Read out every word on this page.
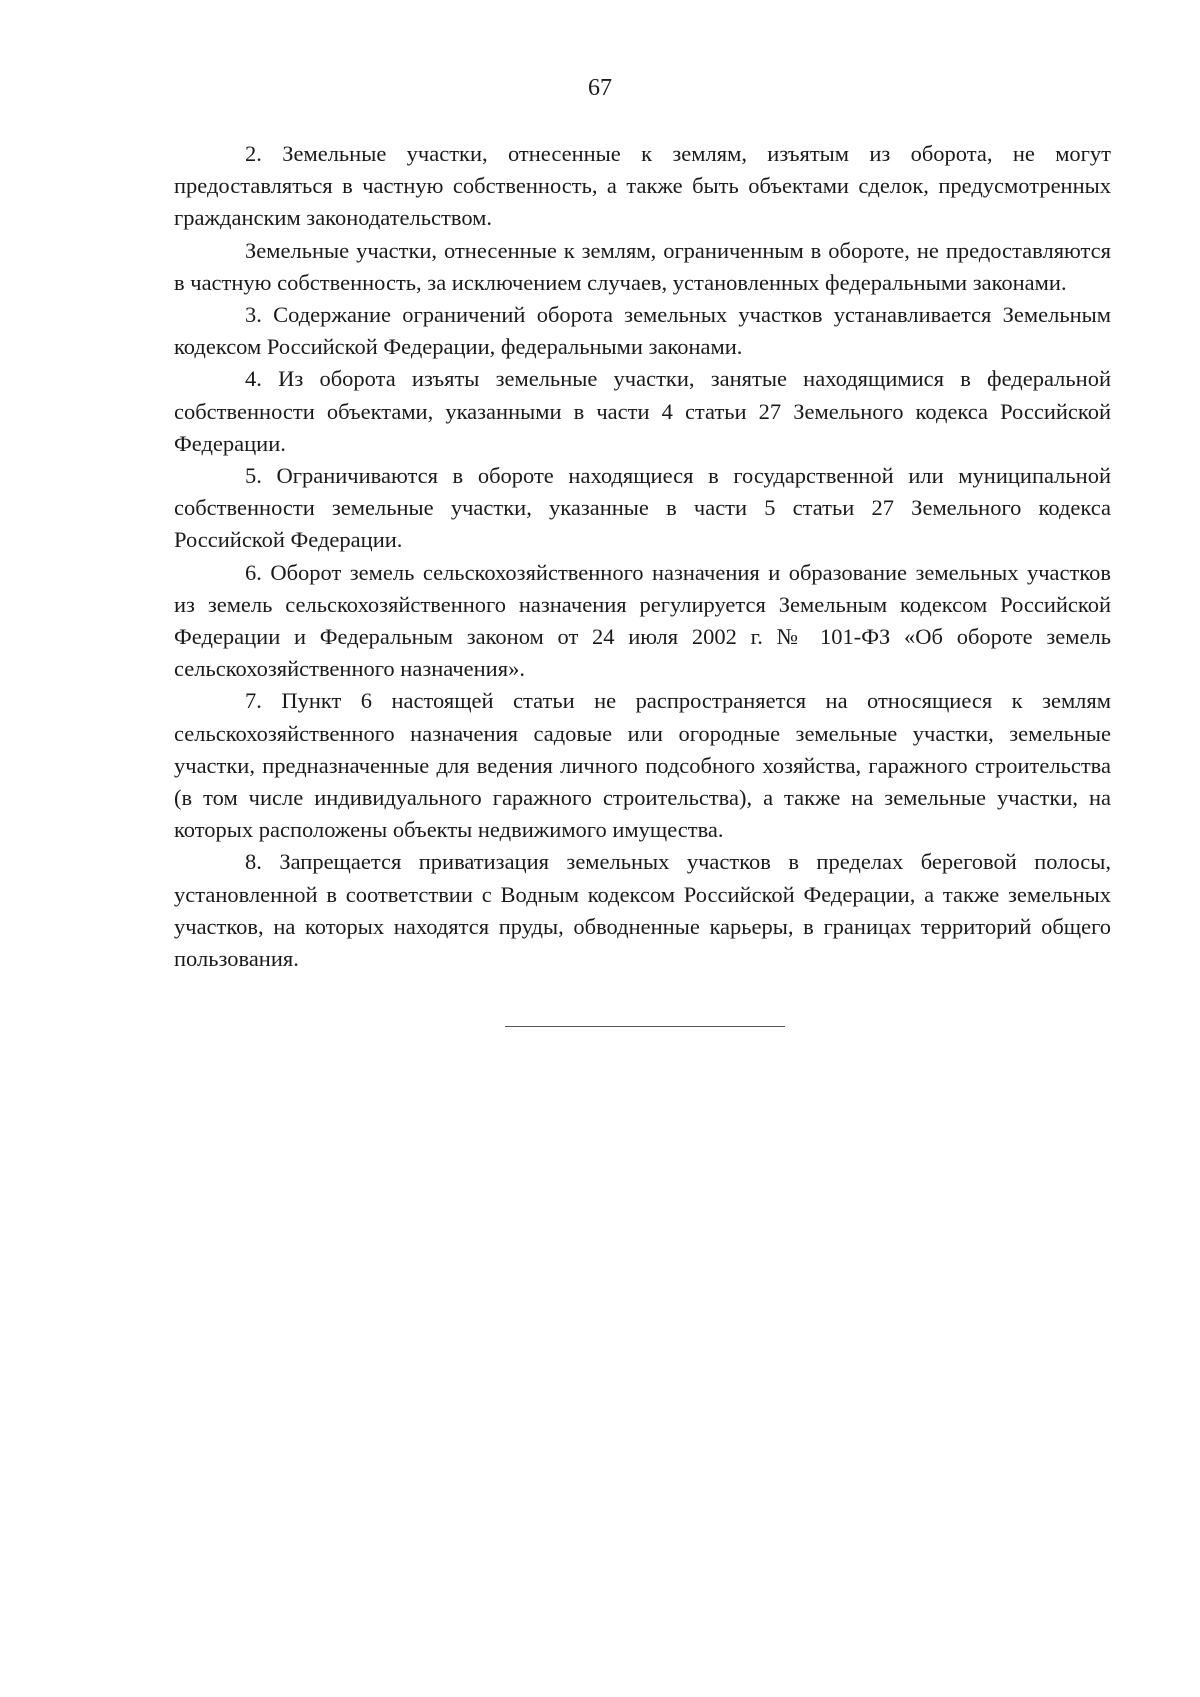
67

2. Земельные участки, отнесенные к землям, изъятым из оборота, не могут предоставляться в частную собственность, а также быть объектами сделок, предусмотренных гражданским законодательством.

Земельные участки, отнесенные к землям, ограниченным в обороте, не предоставляются в частную собственность, за исключением случаев, установленных федеральными законами.

3. Содержание ограничений оборота земельных участков устанавливается Земельным кодексом Российской Федерации, федеральными законами.

4. Из оборота изъяты земельные участки, занятые находящимися в федеральной собственности объектами, указанными в части 4 статьи 27 Земельного кодекса Российской Федерации.

5. Ограничиваются в обороте находящиеся в государственной или муниципальной собственности земельные участки, указанные в части 5 статьи 27 Земельного кодекса Российской Федерации.

6. Оборот земель сельскохозяйственного назначения и образование земельных участков из земель сельскохозяйственного назначения регулируется Земельным кодексом Российской Федерации и Федеральным законом от 24 июля 2002 г. № 101-ФЗ «Об обороте земель сельскохозяйственного назначения».

7. Пункт 6 настоящей статьи не распространяется на относящиеся к землям сельскохозяйственного назначения садовые или огородные земельные участки, земельные участки, предназначенные для ведения личного подсобного хозяйства, гаражного строительства (в том числе индивидуального гаражного строительства), а также на земельные участки, на которых расположены объекты недвижимого имущества.

8. Запрещается приватизация земельных участков в пределах береговой полосы, установленной в соответствии с Водным кодексом Российской Федерации, а также земельных участков, на которых находятся пруды, обводненные карьеры, в границах территорий общего пользования.
